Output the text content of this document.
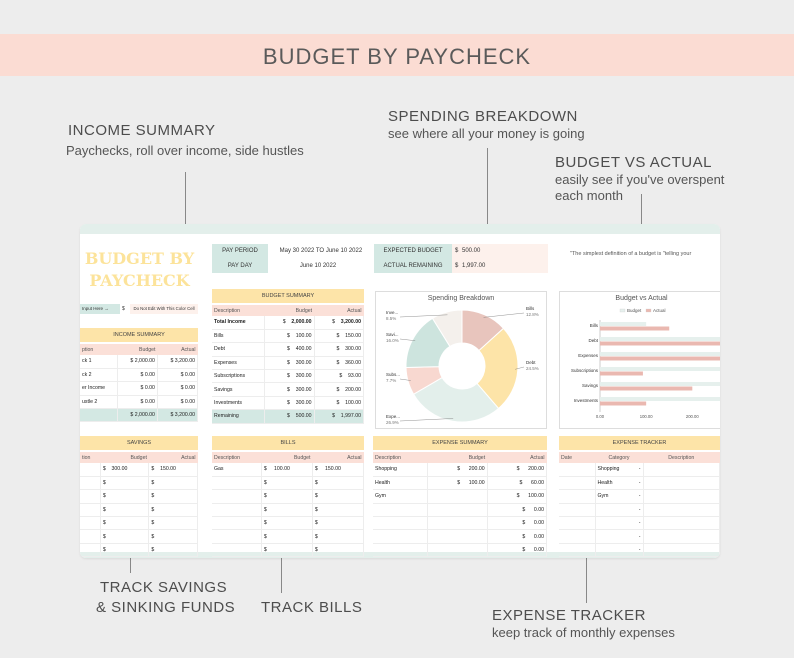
BUDGET BY PAYCHECK
INCOME SUMMARY
Paychecks, roll over income, side hustles
SPENDING BREAKDOWN
see where all your money is going
BUDGET VS ACTUAL
easily see if you've overspent
each month
TRACK SAVINGS
& SINKING FUNDS TRACK BILLS	EXPENSE TRACKER
keep track of monthly expenses
BUDGET BY PAYCHECK
PAY PERIOD	May 30 2022 TO June 10 2022
PAY DAY	June 10 2022
EXPECTED BUDGET	$ 500.00
ACTUAL REMAINING	$ 1,997.00
"The simplest definition of a budget is "telling your
Input Here →	$	Do Not Edit With This Color Cell
INCOME SUMMARY
ption	Budget	Actual
ck 1	$ 2,000.00	$ 3,200.00
ck 2	$ 0.00	$ 0.00
er Income	$ 0.00	$ 0.00
ustle 2	$ 0.00	$ 0.00
	$ 2,000.00	$ 3,200.00
BUDGET SUMMARY
Description	Budget	Actual
Total Income	$    2,000.00	$    3,200.00
Bills	$    100.00	$    150.00
Debt	$    400.00	$    300.00
Expenses	$    300.00	$    360.00
Subscriptions	$    300.00	$    93.00
Savings	$    300.00	$    200.00
Investments	$    300.00	$    100.00
Remaining	$    500.00	$    1,997.00
Spending Breakdown
Bills
12.8%
Debt
24.5%
Expe...
26.9%
Subs...
7.7%
Savi...
16.0%
Inve...
8.5%
Budget vs Actual
Budget	Actual
Bills
Debt
Expenses
Subscriptions
Savings
Investments
0.00	100.00	200.00
SAVINGS
tion	Budget	Actual
	$    300.00	$    150.00
	$	$
	$	$
	$	$
	$	$
	$	$
	$	$
BILLS
Description	Budget	Actual
Gas	$     100.00	$     150.00
	$	$
	$	$
	$	$
	$	$
	$	$
	$	$
EXPENSE SUMMARY
Description	Budget	Actual
Shopping	$      200.00	$      200.00
Health	$      100.00	$      60.00
Gym		$      100.00
		$      0.00
		$      0.00
		$      0.00
		$      0.00
EXPENSE TRACKER
Date	Category	Description
	Shopping -	

	Health -	

	Gym -	

	-	

	-	

	-	

	-	
